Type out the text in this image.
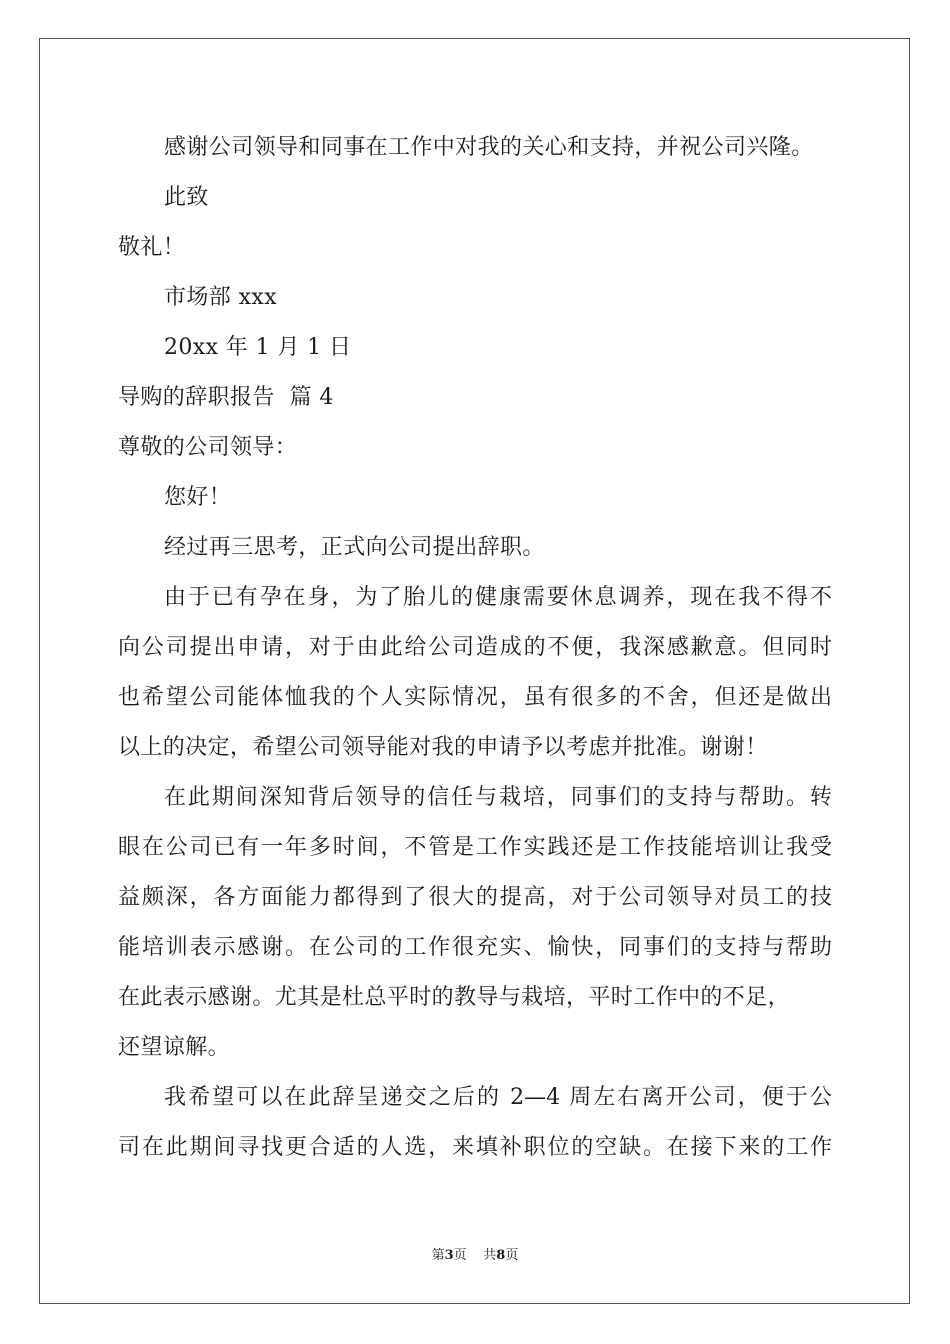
感谢公司领导和同事在工作中对我的关心和支持，并祝公司兴隆。
此致
敬礼！
市场部 xxx
20xx 年 1 月 1 日
导购的辞职报告  篇 4
尊敬的公司领导：
您好！
经过再三思考，正式向公司提出辞职。
由于已有孕在身，为了胎儿的健康需要休息调养，现在我不得不
向公司提出申请，对于由此给公司造成的不便，我深感歉意。但同时
也希望公司能体恤我的个人实际情况，虽有很多的不舍，但还是做出
以上的决定，希望公司领导能对我的申请予以考虑并批准。谢谢！
在此期间深知背后领导的信任与栽培，同事们的支持与帮助。转
眼在公司已有一年多时间，不管是工作实践还是工作技能培训让我受
益颇深，各方面能力都得到了很大的提高，对于公司领导对员工的技
能培训表示感谢。在公司的工作很充实、愉快，同事们的支持与帮助
在此表示感谢。尤其是杜总平时的教导与栽培，平时工作中的不足，
还望谅解。
我希望可以在此辞呈递交之后的 2—4 周左右离开公司，便于公
司在此期间寻找更合适的人选，来填补职位的空缺。在接下来的工作
第3页 共8页
